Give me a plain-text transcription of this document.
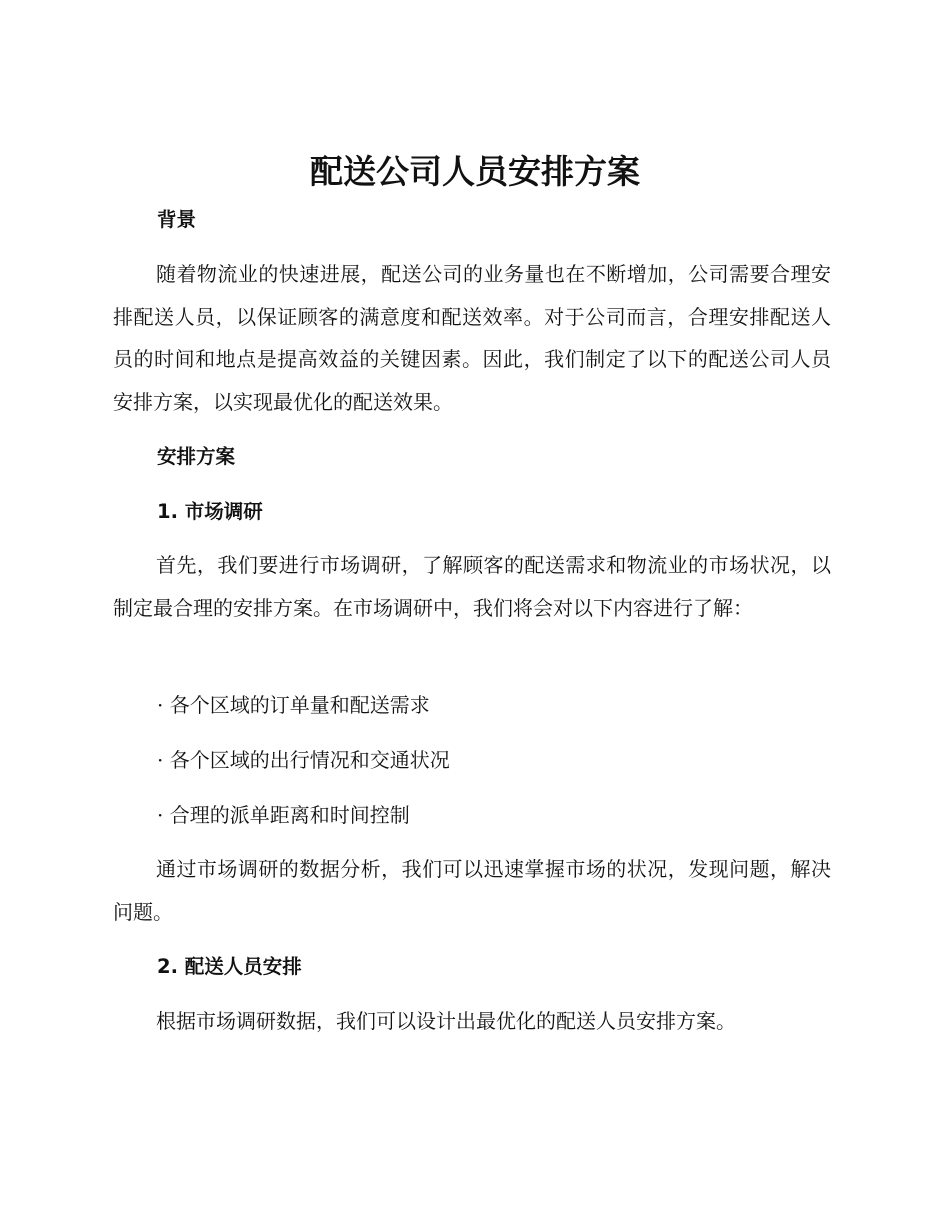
配送公司人员安排方案
背景

随着物流业的快速进展，配送公司的业务量也在不断增加，公司需要合理安排配送人员，以保证顾客的满意度和配送效率。对于公司而言，合理安排配送人员的时间和地点是提高效益的关键因素。因此，我们制定了以下的配送公司人员安排方案，以实现最优化的配送效果。

安排方案
1. 市场调研

首先，我们要进行市场调研，了解顾客的配送需求和物流业的市场状况，以制定最合理的安排方案。在市场调研中，我们将会对以下内容进行了解：

· 各个区域的订单量和配送需求

· 各个区域的出行情况和交通状况

· 合理的派单距离和时间控制

通过市场调研的数据分析，我们可以迅速掌握市场的状况，发现问题，解决问题。

2. 配送人员安排

根据市场调研数据，我们可以设计出最优化的配送人员安排方案。
